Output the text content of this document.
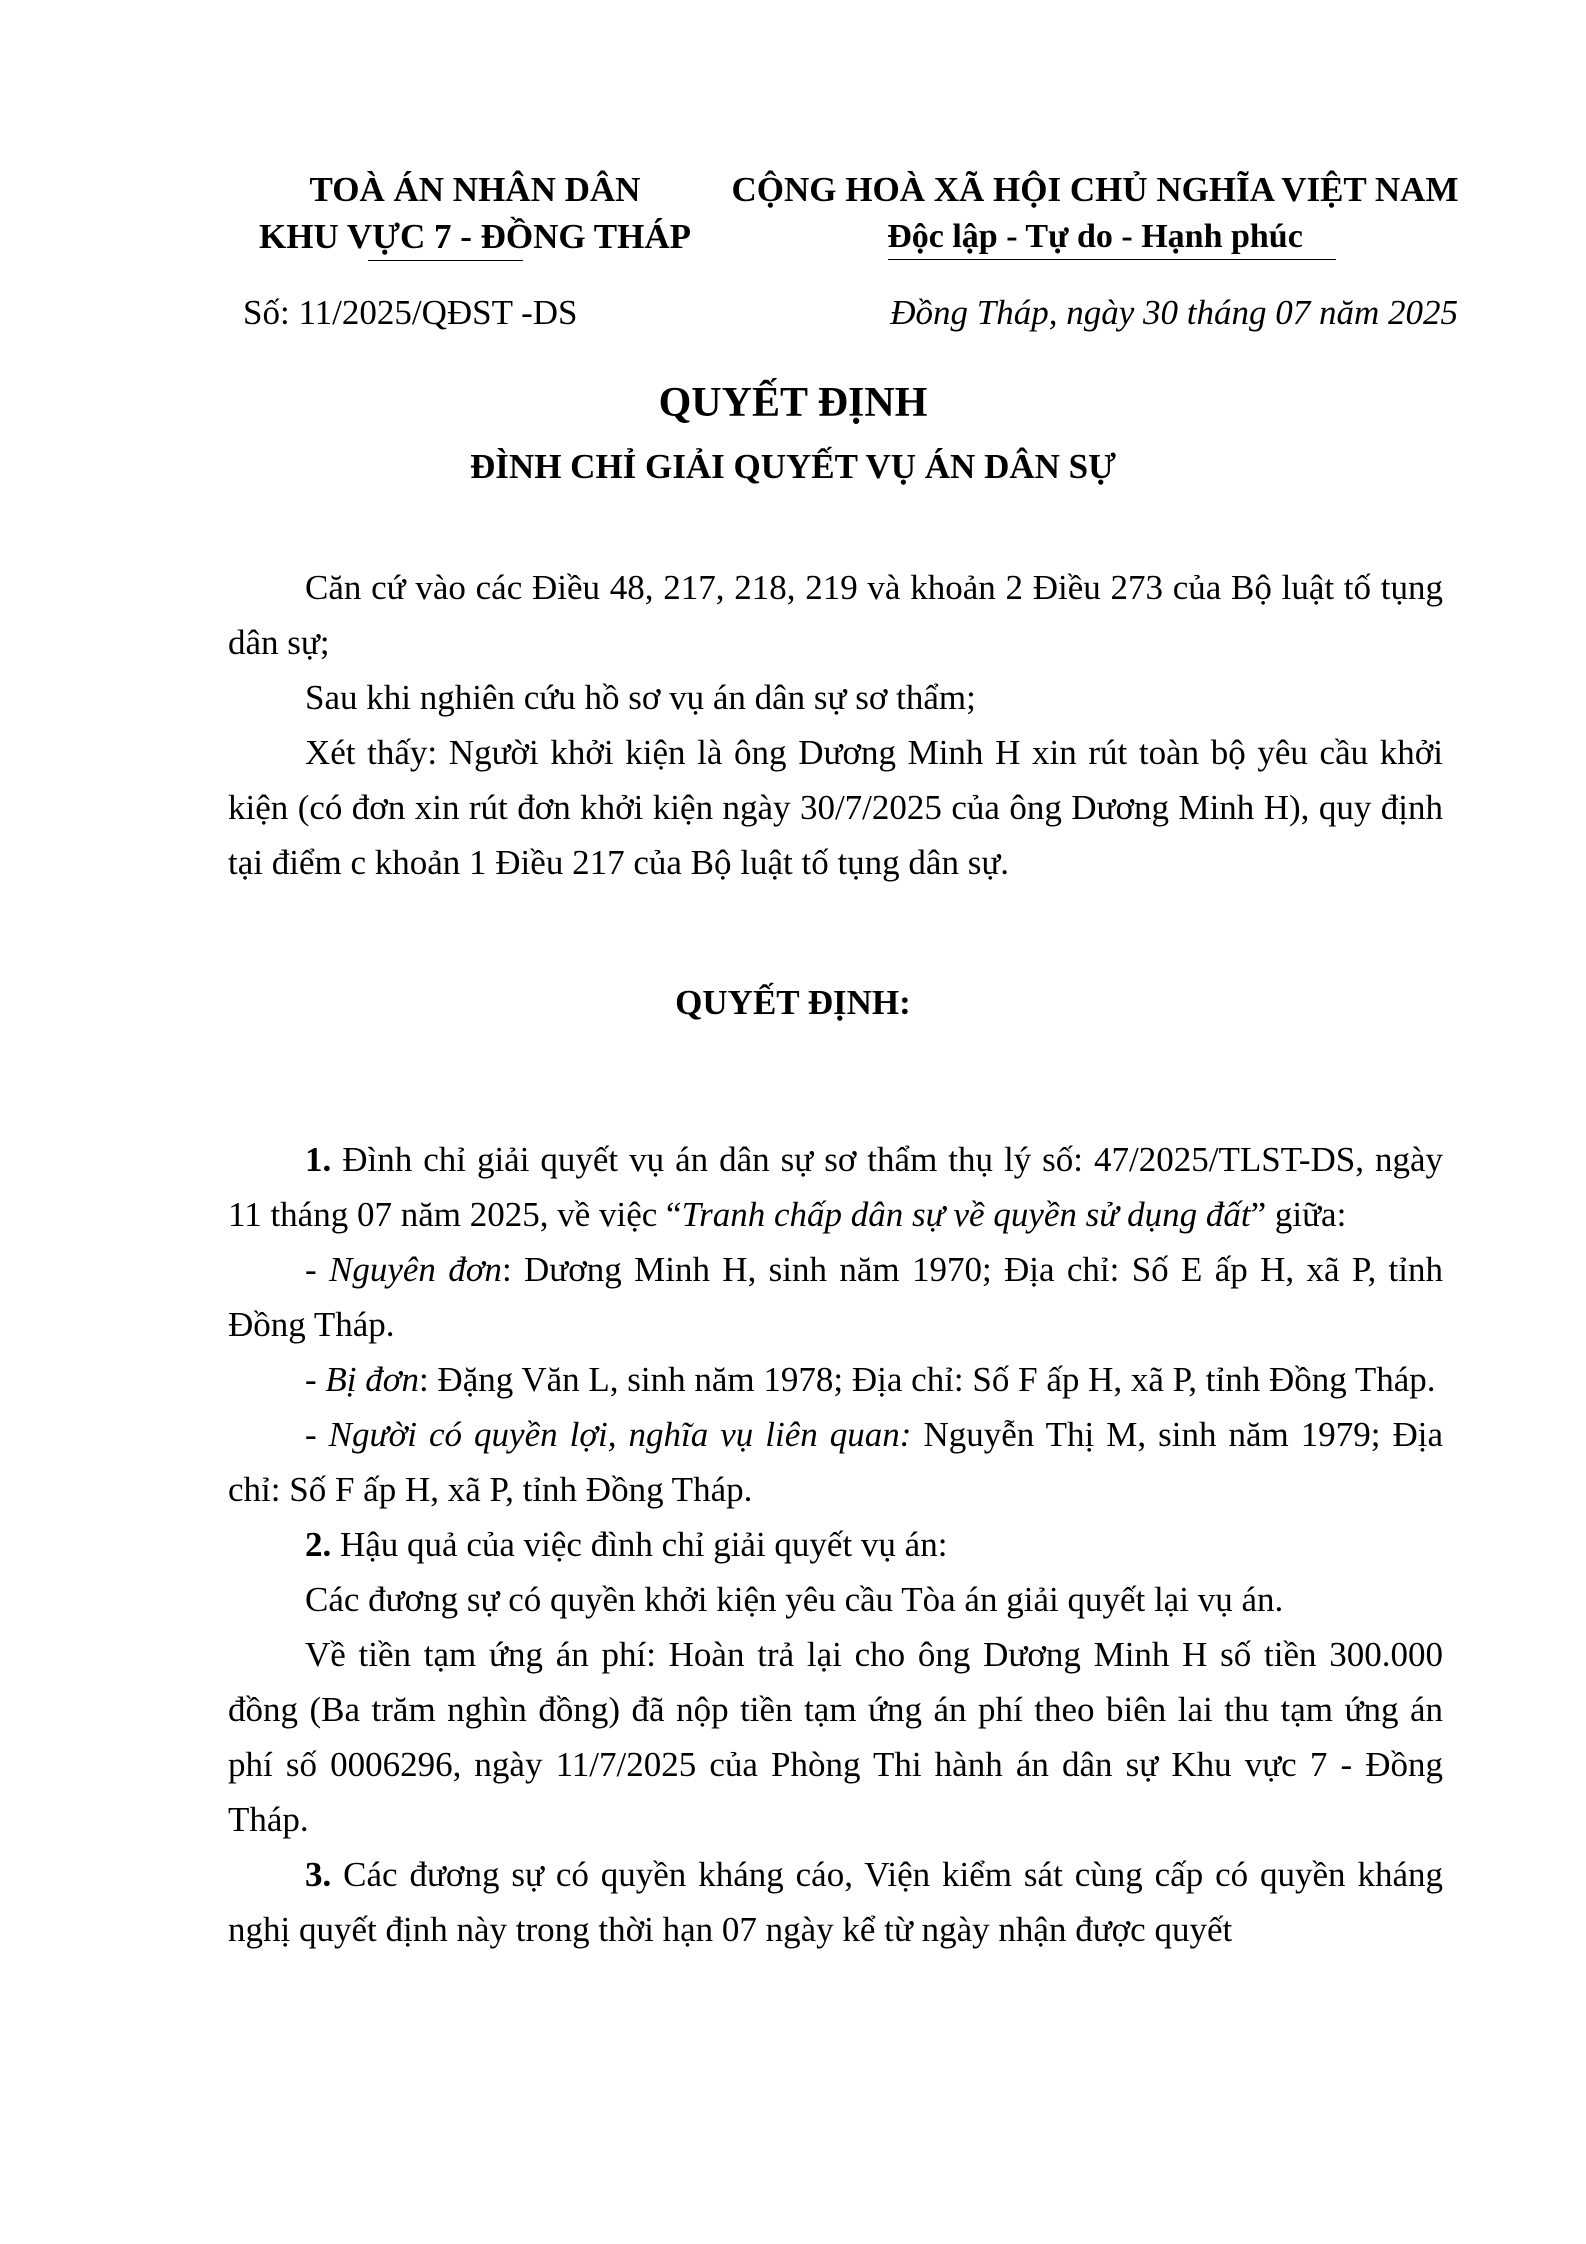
TOÀ ÁN NHÂN DÂN
KHU VỰC 7 - ĐỒNG THÁP
CỘNG HOÀ XÃ HỘI CHỦ NGHĨA VIỆT NAM
Độc lập - Tự do - Hạnh phúc
Số: 11/2025/QĐST -DS	Đồng Tháp, ngày 30 tháng 07 năm 2025
QUYẾT ĐỊNH
ĐÌNH CHỈ GIẢI QUYẾT VỤ ÁN DÂN SỰ

Căn cứ vào các Điều 48, 217, 218, 219 và khoản 2 Điều 273 của Bộ luật tố tụng dân sự;

Sau khi nghiên cứu hồ sơ vụ án dân sự sơ thẩm;

Xét thấy: Người khởi kiện là ông Dương Minh H xin rút toàn bộ yêu cầu khởi kiện (có đơn xin rút đơn khởi kiện ngày 30/7/2025 của ông Dương Minh H), quy định tại điểm c khoản 1 Điều 217 của Bộ luật tố tụng dân sự.

QUYẾT ĐỊNH:

1. Đình chỉ giải quyết vụ án dân sự sơ thẩm thụ lý số: 47/2025/TLST-DS, ngày 11 tháng 07 năm 2025, về việc “Tranh chấp dân sự về quyền sử dụng đất” giữa:

- Nguyên đơn: Dương Minh H, sinh năm 1970; Địa chỉ: Số E ấp H, xã P, tỉnh Đồng Tháp.

- Bị đơn: Đặng Văn L, sinh năm 1978; Địa chỉ: Số F ấp H, xã P, tỉnh Đồng Tháp.

- Người có quyền lợi, nghĩa vụ liên quan: Nguyễn Thị M, sinh năm 1979; Địa chỉ: Số F ấp H, xã P, tỉnh Đồng Tháp.

2. Hậu quả của việc đình chỉ giải quyết vụ án:

Các đương sự có quyền khởi kiện yêu cầu Tòa án giải quyết lại vụ án.

Về tiền tạm ứng án phí: Hoàn trả lại cho ông Dương Minh H số tiền 300.000 đồng (Ba trăm nghìn đồng) đã nộp tiền tạm ứng án phí theo biên lai thu tạm ứng án phí số 0006296, ngày 11/7/2025 của Phòng Thi hành án dân sự Khu vực 7 - Đồng Tháp.

3. Các đương sự có quyền kháng cáo, Viện kiểm sát cùng cấp có quyền kháng nghị quyết định này trong thời hạn 07 ngày kể từ ngày nhận được quyết
